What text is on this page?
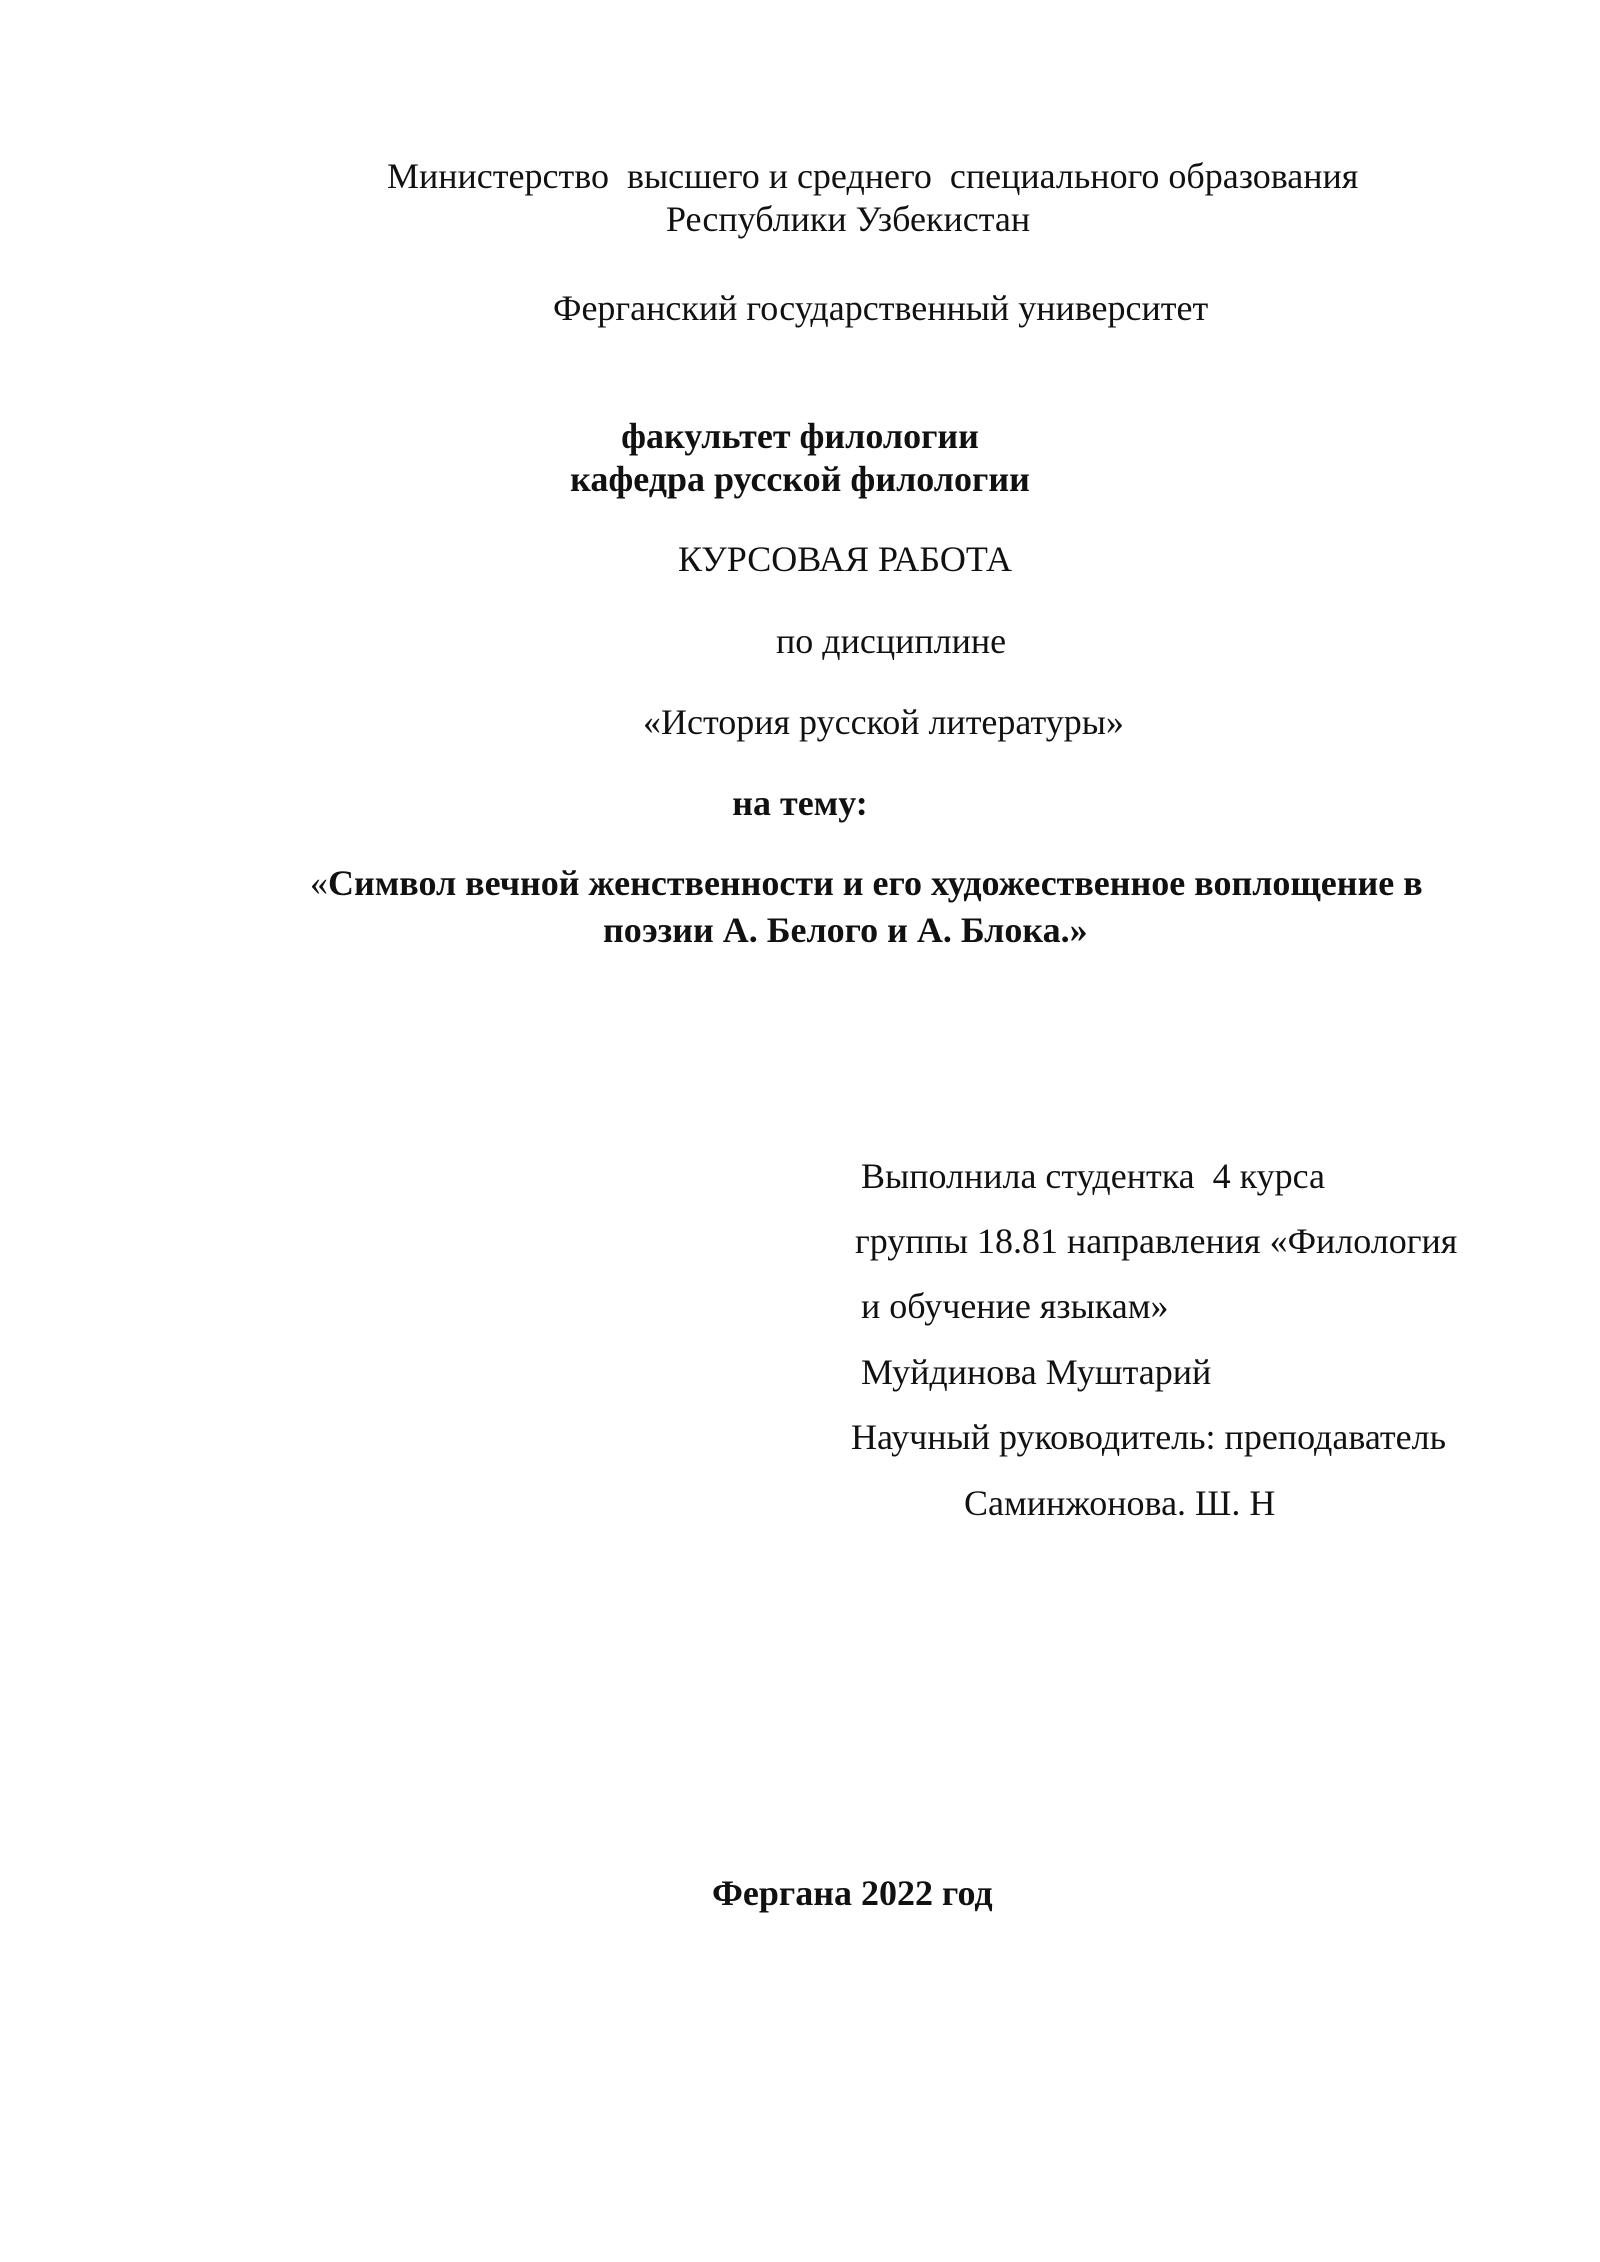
Министерство  высшего и среднего  специального образования
Республики Узбекистан
Ферганский государственный университет
факультет филологии
кафедра русской филологии
КУРСОВАЯ РАБОТА
по дисциплине
«История русской литературы»
на тему:
«Символ вечной женственности и его художественное воплощение в
поэзии А. Белого и А. Блока.»
Выполнила студентка  4 курса
группы 18.81 направления «Филология
и обучение языкам»
Муйдинова Муштарий
Научный руководитель: преподаватель
Саминжонова. Ш. Н
Фергана 2022 год
